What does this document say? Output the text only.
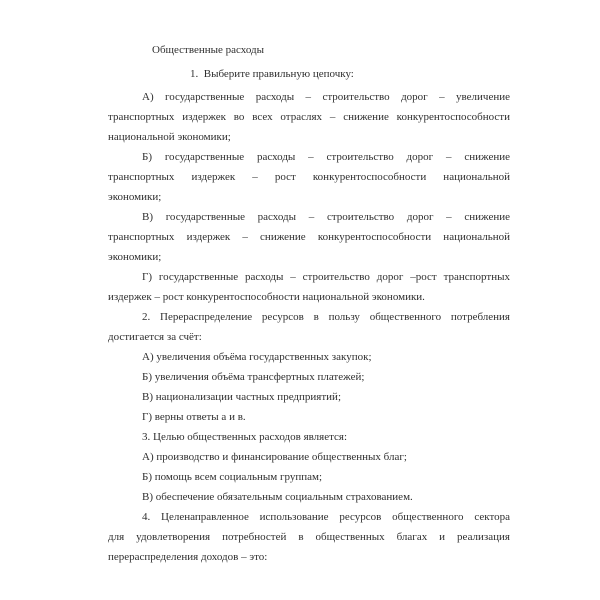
Общественные расходы
1.  Выберите правильную цепочку:
А) государственные расходы – строительство дорог – увеличение
транспортных издержек во всех отраслях – снижение конкурентоспособности
национальной экономики;
Б) государственные расходы – строительство дорог – снижение
транспортных издержек – рост конкурентоспособности национальной
экономики;
В) государственные расходы – строительство дорог – снижение
транспортных издержек – снижение конкурентоспособности национальной
экономики;
Г) государственные расходы – строительство дорог –рост транспортных
издержек – рост конкурентоспособности национальной экономики.
2. Перераспределение ресурсов в пользу общественного потребления
достигается за счёт:
А) увеличения объёма государственных закупок;
Б) увеличения объёма трансфертных платежей;
В) национализации частных предприятий;
Г) верны ответы а и в.
3. Целью общественных расходов является:
А) производство и финансирование общественных благ;
Б) помощь всем социальным группам;
В) обеспечение обязательным социальным страхованием.
4. Целенаправленное использование ресурсов общественного сектора
для удовлетворения потребностей в общественных благах и реализация
перераспределения доходов – это:
